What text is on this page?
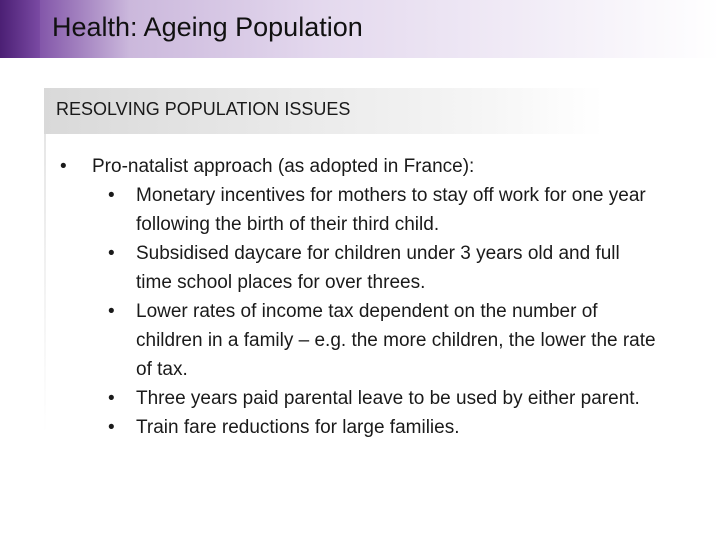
Health: Ageing Population
RESOLVING POPULATION ISSUES
•	Pro-natalist approach (as adopted in France):
•	Monetary incentives for mothers to stay off work for one year following the birth of their third child.
•	Subsidised daycare for children under 3 years old and full time school places for over threes.
•	Lower rates of income tax dependent on the number of children in a family – e.g. the more children, the lower the rate of tax.
•	Three years paid parental leave to be used by either parent.
•	Train fare reductions for large families.
